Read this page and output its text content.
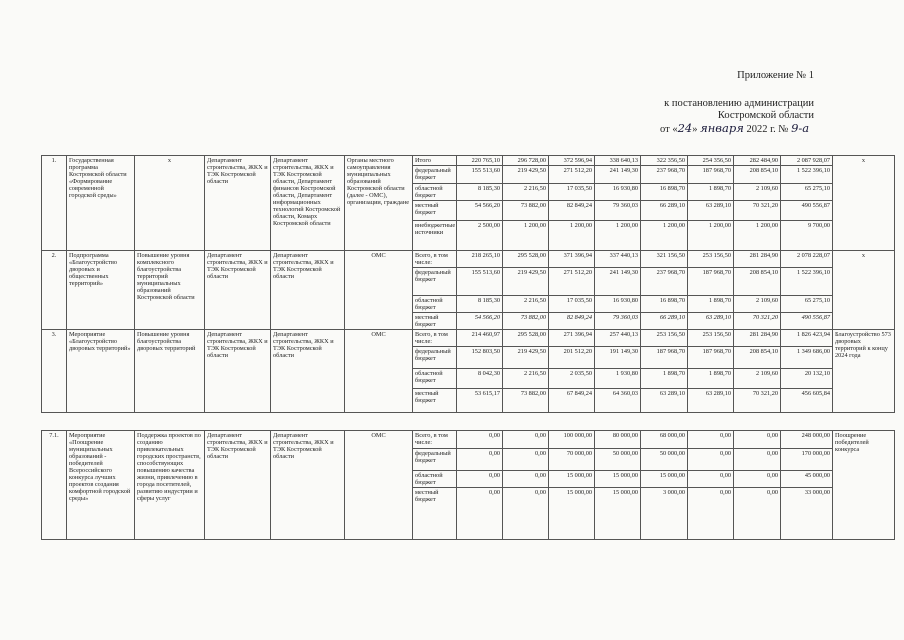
Приложение № 1
к постановлению администрации
Костромской области
от «24» января 2022 г. № 9-а
1.	Государственная программа Костромской области «Формирование современной городской среды»	х	Департамент строительства, ЖКХ и ТЭК Костромской области	Департамент строительства, ЖКХ и ТЭК Костромской области, Департамент финансов Костромской области, Департамент информационных технологий Костромской области, Комарх Костромской области	Органы местного самоуправления муниципальных образований Костромской области (далее - ОМС), организации, граждане	Итого	220 765,10	296 728,00	372 596,94	338 640,13	322 356,50	254 356,50	282 484,90	2 087 928,07	х
						федеральный бюджет	155 513,60	219 429,50	271 512,20	241 149,30	237 968,70	187 968,70	208 854,10	1 522 396,10	
						областной бюджет	8 185,30	2 216,50	17 035,50	16 930,80	16 898,70	1 898,70	2 109,60	65 275,10	
						местный бюджет	54 566,20	73 882,00	82 849,24	79 360,03	66 289,10	63 289,10	70 321,20	490 556,87	
						внебюджетные источники	2 500,00	1 200,00	1 200,00	1 200,00	1 200,00	1 200,00	1 200,00	9 700,00	
2.	Подпрограмма «Благоустройство дворовых и общественных территорий»	Повышение уровня комплексного благоустройства территорий муниципальных образований Костромской области	Департамент строительства, ЖКХ и ТЭК Костромской области	Департамент строительства, ЖКХ и ТЭК Костромской области	ОМС	Всего, в том числе:	218 265,10	295 528,00	371 396,94	337 440,13	321 156,50	253 156,50	281 284,90	2 078 228,07	х
						федеральный бюджет	155 513,60	219 429,50	271 512,20	241 149,30	237 968,70	187 968,70	208 854,10	1 522 396,10	
						областной бюджет	8 185,30	2 216,50	17 035,50	16 930,80	16 898,70	1 898,70	2 109,60	65 275,10	
						местный бюджет	54 566,20	73 882,00	82 849,24	79 360,03	66 289,10	63 289,10	70 321,20	490 556,87	
3.	Мероприятие «Благоустройство дворовых территорий»	Повышение уровня благоустройства дворовых территорий	Департамент строительства, ЖКХ и ТЭК Костромской области	Департамент строительства, ЖКХ и ТЭК Костромской области	ОМС	Всего, в том числе:	214 460,97	295 528,00	271 396,94	257 440,13	253 156,50	253 156,50	281 284,90	1 826 423,94	Благоустройство 573 дворовых территорий к концу 2024 года
						федеральный бюджет	152 803,50	219 429,50	201 512,20	191 149,30	187 968,70	187 968,70	208 854,10	1 349 686,00	
						областной бюджет	8 042,30	2 216,50	2 035,50	1 930,80	1 898,70	1 898,70	2 109,60	20 132,10	
						местный бюджет	53 615,17	73 882,00	67 849,24	64 360,03	63 289,10	63 289,10	70 321,20	456 605,84	
7.1.	Мероприятие «Поощрение муниципальных образований - победителей Всероссийского конкурса лучших проектов создания комфортной городской среды»	Поддержка проектов по созданию привлекательных городских пространств, способствующих повышению качества жизни, привлечению в города посетителей, развитию индустрии и сферы услуг	Департамент строительства, ЖКХ и ТЭК Костромской области	Департамент строительства, ЖКХ и ТЭК Костромской области	ОМС	Всего, в том числе:	0,00	0,00	100 000,00	80 000,00	68 000,00	0,00	0,00	248 000,00	Поощрение победителей конкурса
						федеральный бюджет	0,00	0,00	70 000,00	50 000,00	50 000,00	0,00	0,00	170 000,00	
						областной бюджет	0,00	0,00	15 000,00	15 000,00	15 000,00	0,00	0,00	45 000,00	
						местный бюджет	0,00	0,00	15 000,00	15 000,00	3 000,00	0,00	0,00	33 000,00	
